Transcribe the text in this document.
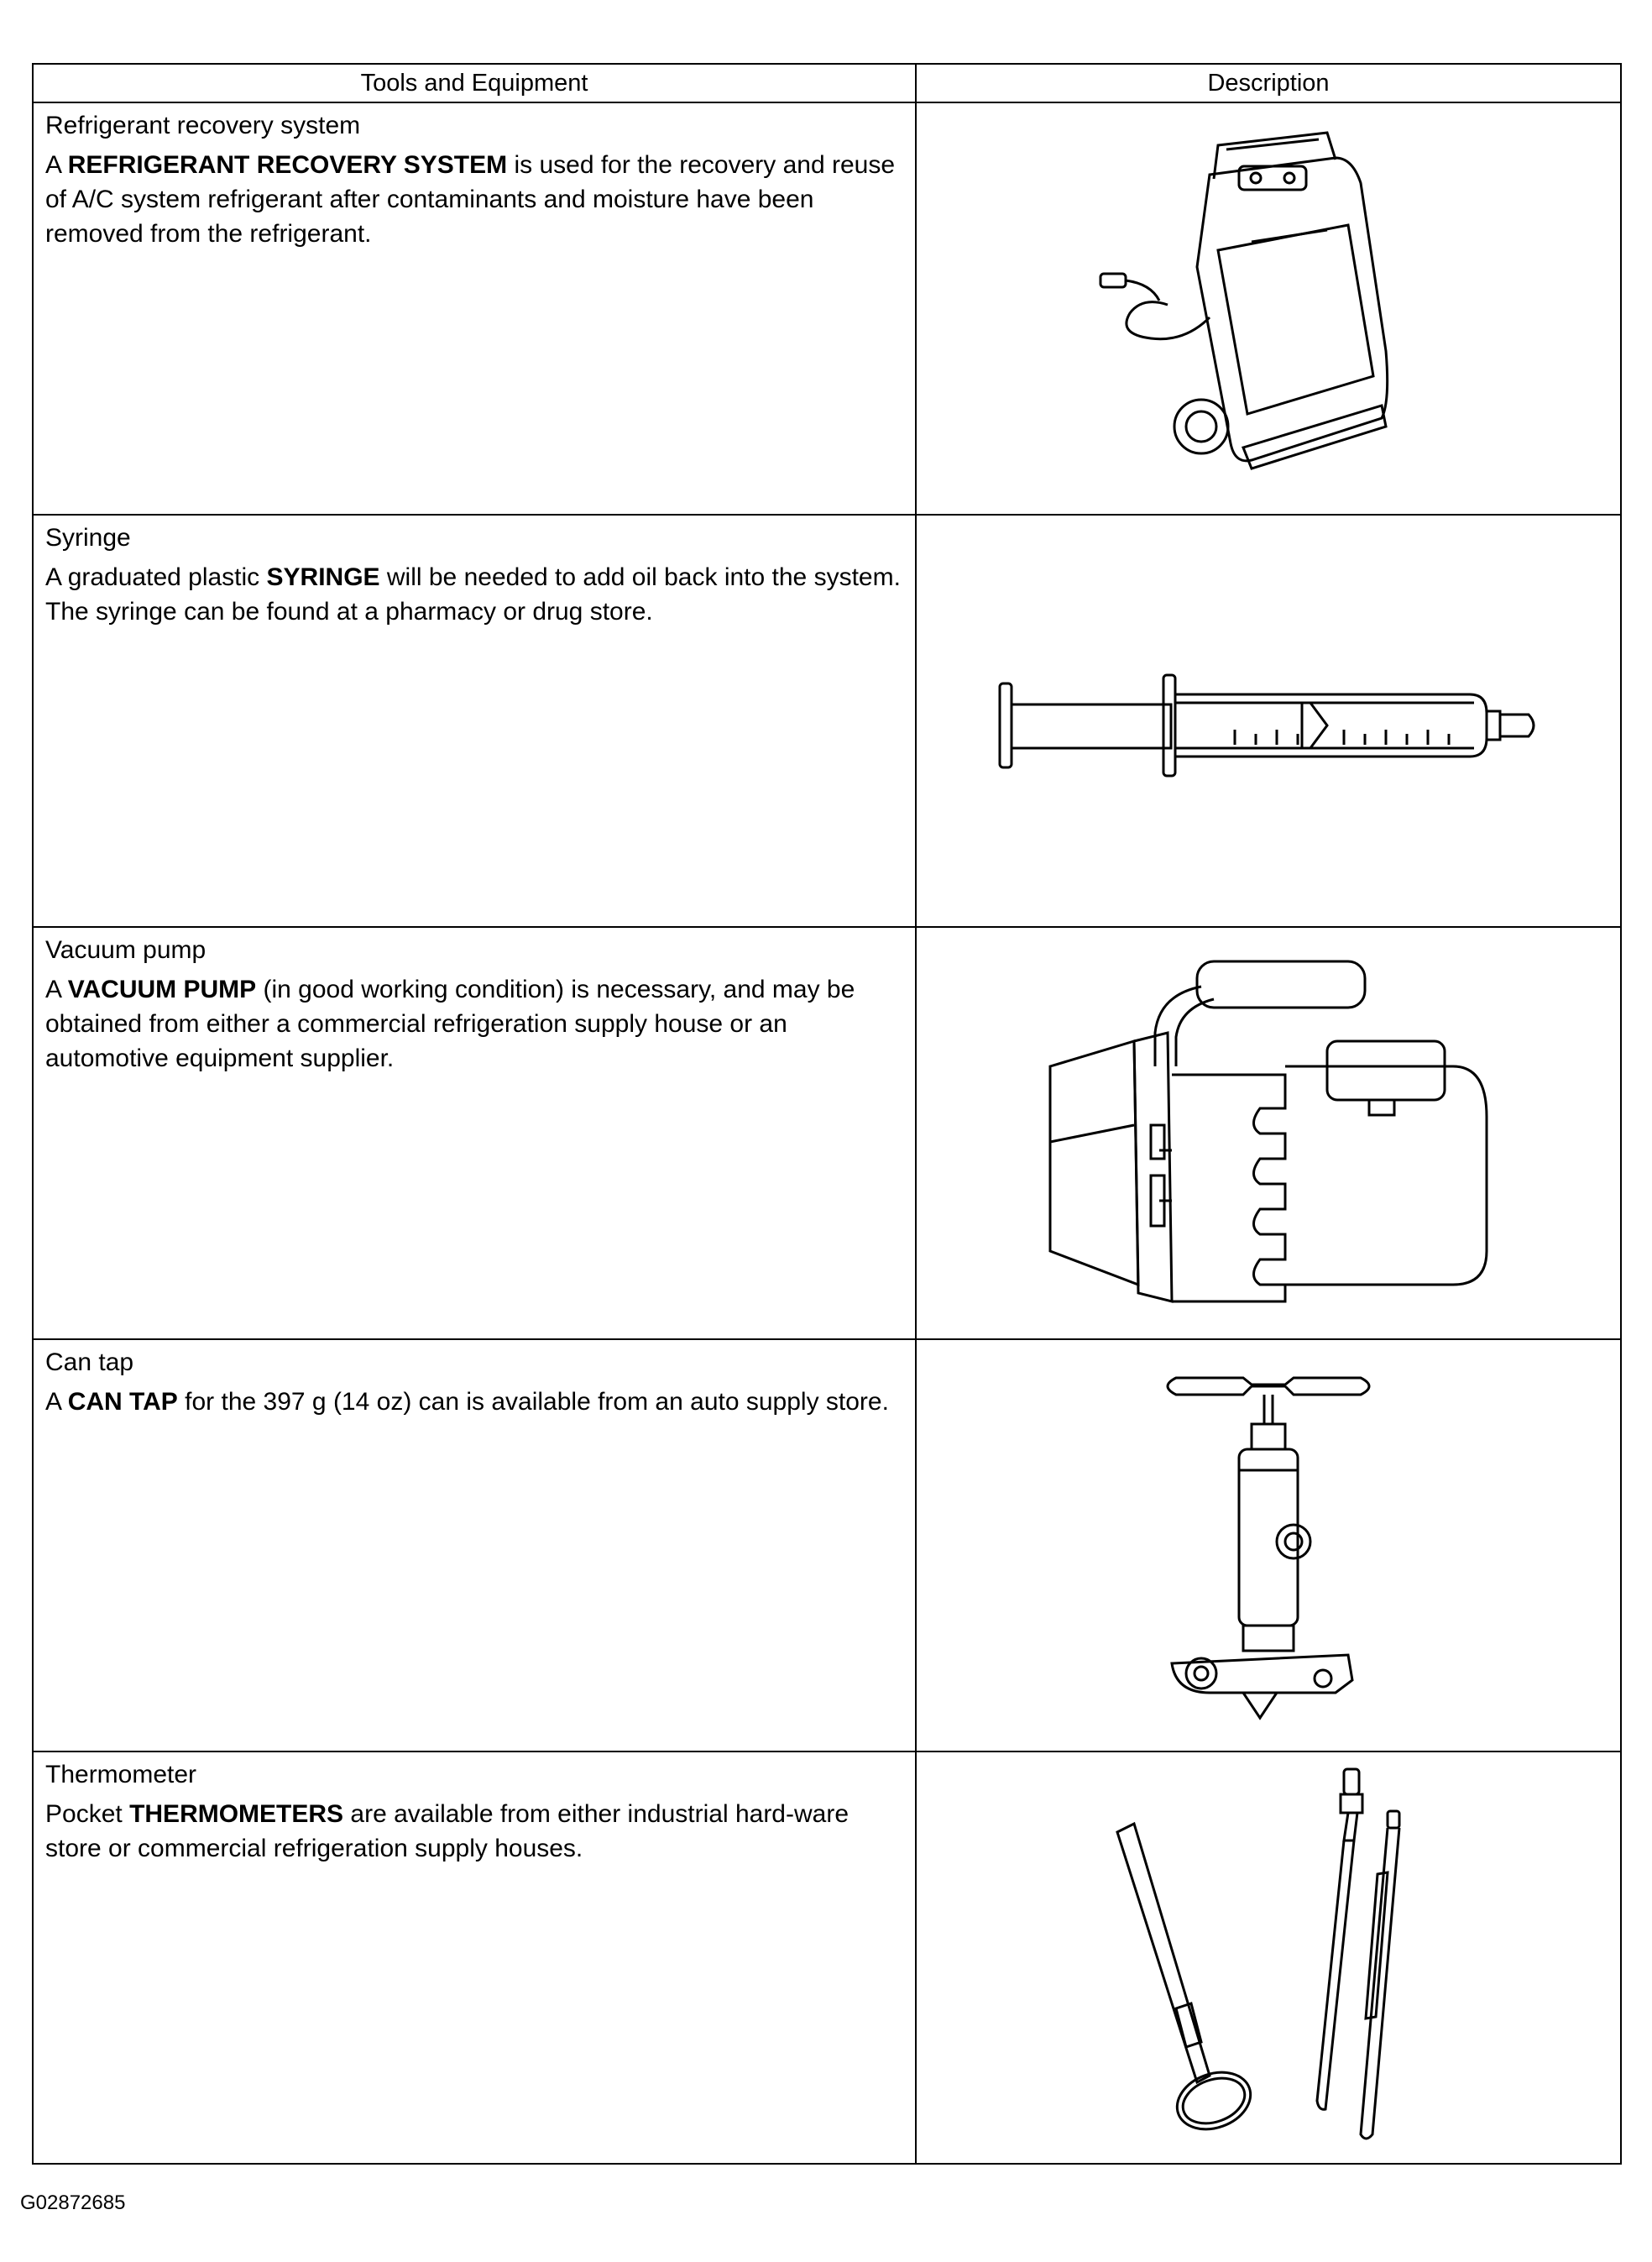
Tools and Equipment	Description

Refrigerant recovery system
A REFRIGERANT RECOVERY SYSTEM is used for the recovery and reuse of A/C system refrigerant after contaminants and moisture have been removed from the refrigerant.

Syringe
A graduated plastic SYRINGE will be needed to add oil back into the system. The syringe can be found at a pharmacy or drug store.

Vacuum pump
A VACUUM PUMP (in good working condition) is necessary, and may be obtained from either a commercial refrigeration supply house or an automotive equipment supplier.

Can tap
A CAN TAP for the 397 g (14 oz) can is available from an auto supply store.

Thermometer
Pocket THERMOMETERS are available from either industrial hard-ware store or commercial refrigeration supply houses.

G02872685
